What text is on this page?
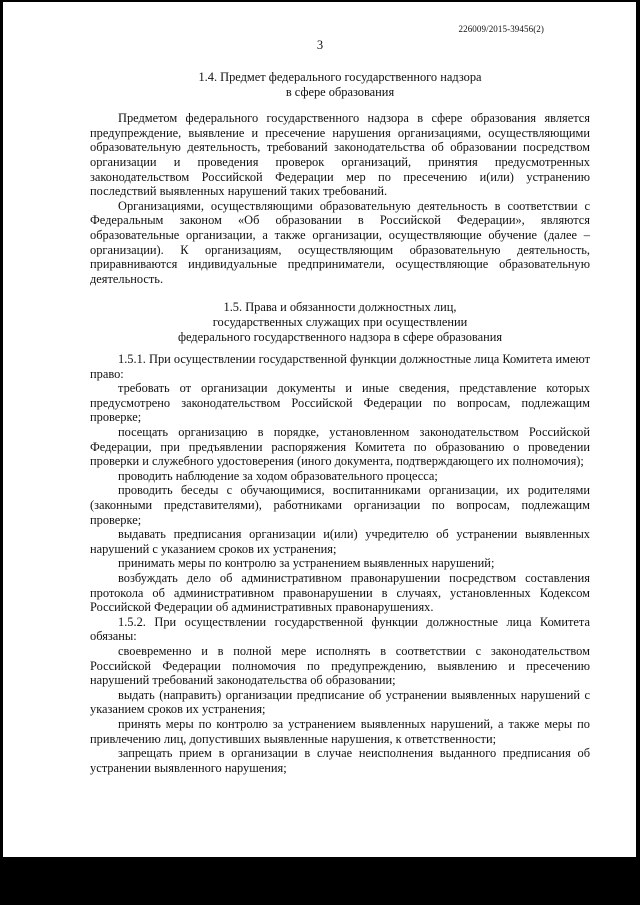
226009/2015-39456(2)
3

1.4. Предмет федерального государственного надзора

в сфере образования

Предметом федерального государственного надзора в сфере образования является предупреждение, выявление и пресечение нарушения организациями, осуществляющими образовательную деятельность, требований законодательства об образовании посредством организации и проведения проверок организаций, принятия предусмотренных законодательством Российской Федерации мер по пресечению и(или) устранению последствий выявленных нарушений таких требований.

Организациями, осуществляющими образовательную деятельность в соответствии с Федеральным законом «Об образовании в Российской Федерации», являются образовательные организации, а также организации, осуществляющие обучение (далее – организации). К организациям, осуществляющим образовательную деятельность, приравниваются индивидуальные предприниматели, осуществляющие образовательную деятельность.

1.5. Права и обязанности должностных лиц,

государственных служащих при осуществлении

федерального государственного надзора в сфере образования

1.5.1. При осуществлении государственной функции должностные лица Комитета имеют право:

требовать от организации документы и иные сведения, представление которых предусмотрено законодательством Российской Федерации по вопросам, подлежащим проверке;

посещать организацию в порядке, установленном законодательством Российской Федерации, при предъявлении распоряжения Комитета по образованию о проведении проверки и служебного удостоверения (иного документа, подтверждающего их полномочия);

проводить наблюдение за ходом образовательного процесса;

проводить беседы с обучающимися, воспитанниками организации, их родителями (законными представителями), работниками организации по вопросам, подлежащим проверке;

выдавать предписания организации и(или) учредителю об устранении выявленных нарушений с указанием сроков их устранения;

принимать меры по контролю за устранением выявленных нарушений;

возбуждать дело об административном правонарушении посредством составления протокола об административном правонарушении в случаях, установленных Кодексом Российской Федерации об административных правонарушениях.

1.5.2. При осуществлении государственной функции должностные лица Комитета обязаны:

своевременно и в полной мере исполнять в соответствии с законодательством Российской Федерации полномочия по предупреждению, выявлению и пресечению нарушений требований законодательства об образовании;

выдать (направить) организации предписание об устранении выявленных нарушений с указанием сроков их устранения;

принять меры по контролю за устранением выявленных нарушений, а также меры по привлечению лиц, допустивших выявленные нарушения, к ответственности;

запрещать прием в организации в случае неисполнения выданного предписания об устранении выявленного нарушения;
